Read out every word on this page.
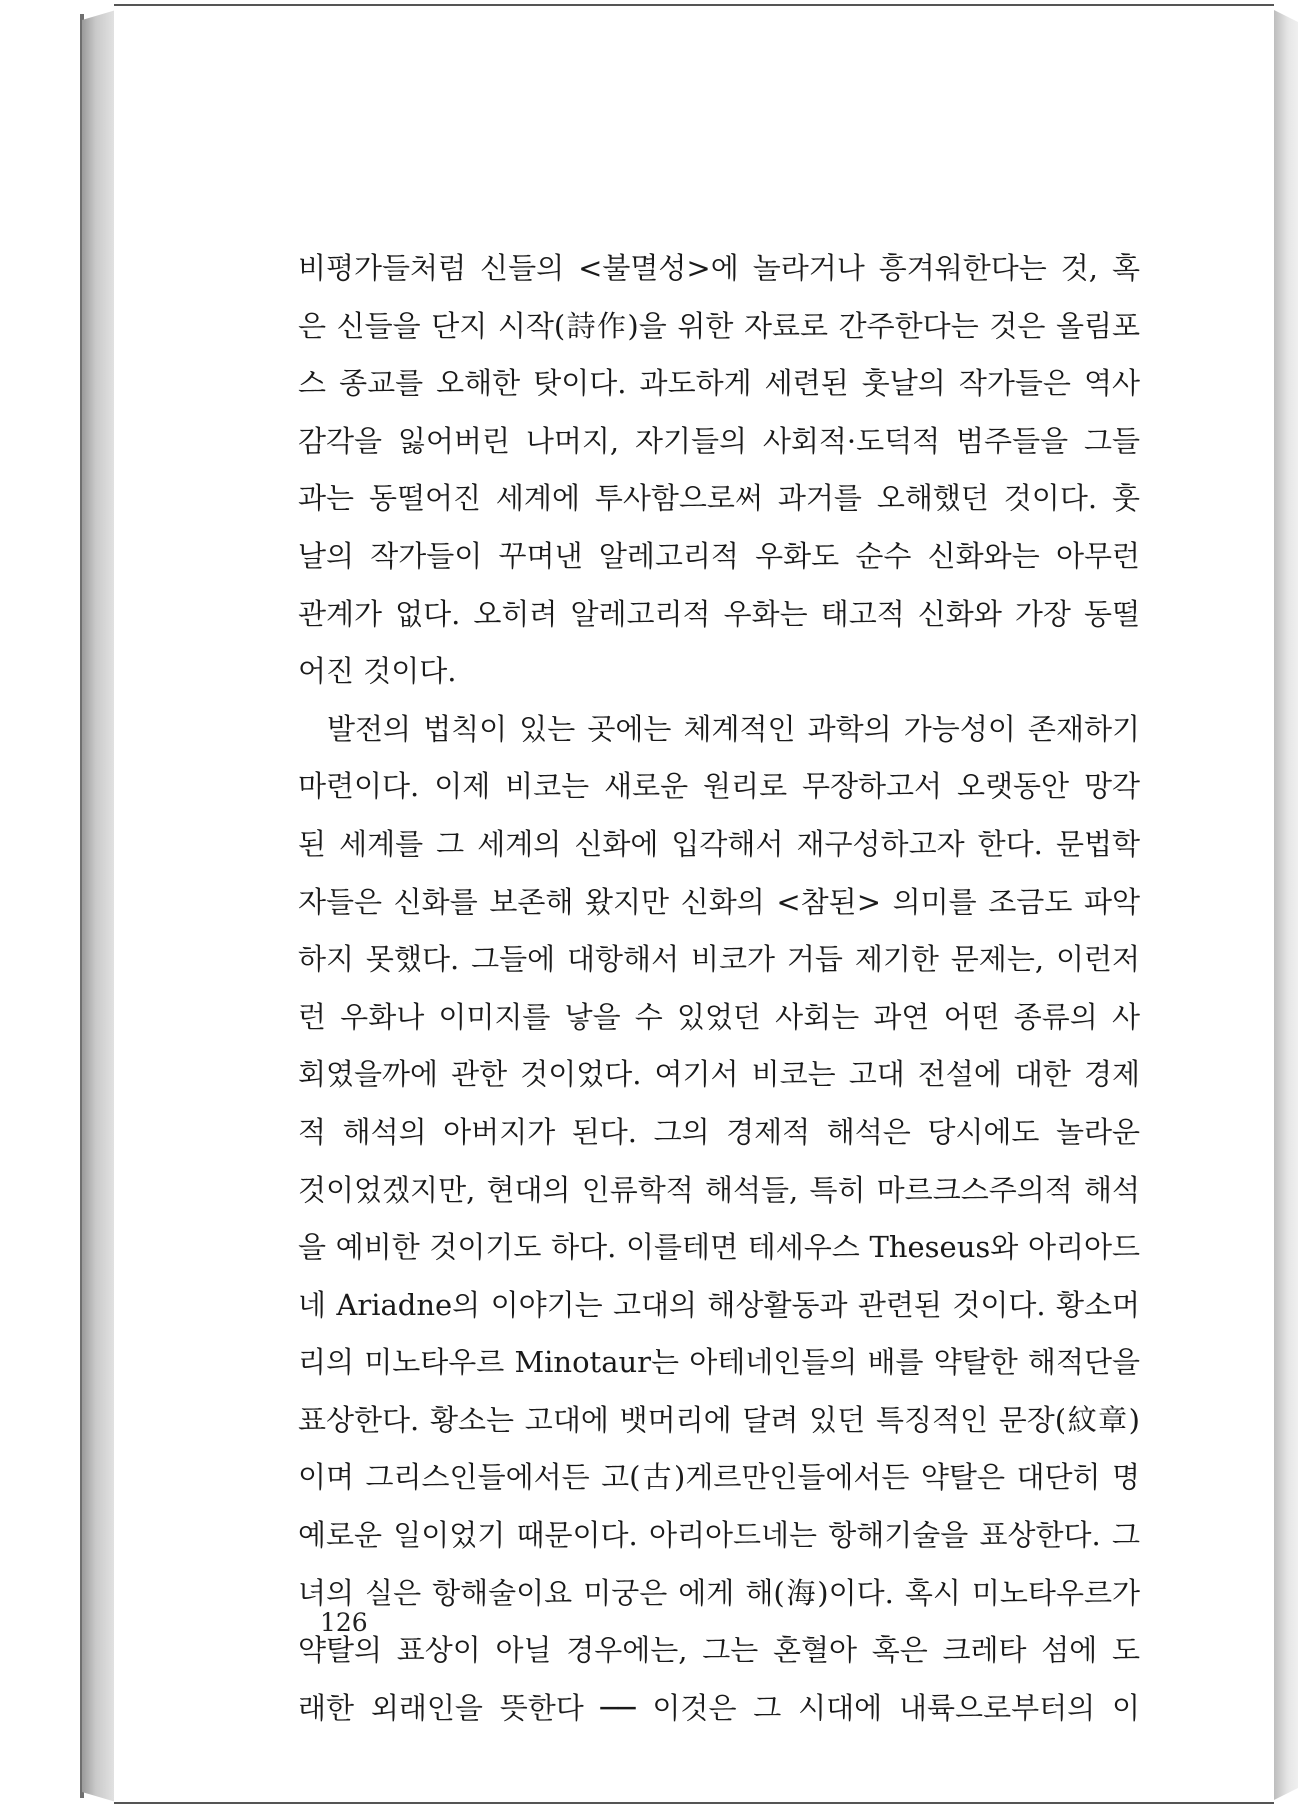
비평가들처럼 신들의 <불멸성>에 놀라거나 흥겨워한다는 것, 혹
은 신들을 단지 시작(詩作)을 위한 자료로 간주한다는 것은 올림포
스 종교를 오해한 탓이다. 과도하게 세련된 훗날의 작가들은 역사
감각을 잃어버린 나머지, 자기들의 사회적·도덕적 범주들을 그들
과는 동떨어진 세계에 투사함으로써 과거를 오해했던 것이다. 훗
날의 작가들이 꾸며낸 알레고리적 우화도 순수 신화와는 아무런
관계가 없다. 오히려 알레고리적 우화는 태고적 신화와 가장 동떨
어진 것이다.
발전의 법칙이 있는 곳에는 체계적인 과학의 가능성이 존재하기
마련이다. 이제 비코는 새로운 원리로 무장하고서 오랫동안 망각
된 세계를 그 세계의 신화에 입각해서 재구성하고자 한다. 문법학
자들은 신화를 보존해 왔지만 신화의 <참된> 의미를 조금도 파악
하지 못했다. 그들에 대항해서 비코가 거듭 제기한 문제는, 이런저
런 우화나 이미지를 낳을 수 있었던 사회는 과연 어떤 종류의 사
회였을까에 관한 것이었다. 여기서 비코는 고대 전설에 대한 경제
적 해석의 아버지가 된다. 그의 경제적 해석은 당시에도 놀라운
것이었겠지만, 현대의 인류학적 해석들, 특히 마르크스주의적 해석
을 예비한 것이기도 하다. 이를테면 테세우스 Theseus와 아리아드
네 Ariadne의 이야기는 고대의 해상활동과 관련된 것이다. 황소머
리의 미노타우르 Minotaur는 아테네인들의 배를 약탈한 해적단을
표상한다. 황소는 고대에 뱃머리에 달려 있던 특징적인 문장(紋章)
이며 그리스인들에서든 고(古)게르만인들에서든 약탈은 대단히 명
예로운 일이었기 때문이다. 아리아드네는 항해기술을 표상한다. 그
녀의 실은 항해술이요 미궁은 에게 해(海)이다. 혹시 미노타우르가
약탈의 표상이 아닐 경우에는, 그는 혼혈아 혹은 크레타 섬에 도
래한 외래인을 뜻한다 ── 이것은 그 시대에 내륙으로부터의 이
126
